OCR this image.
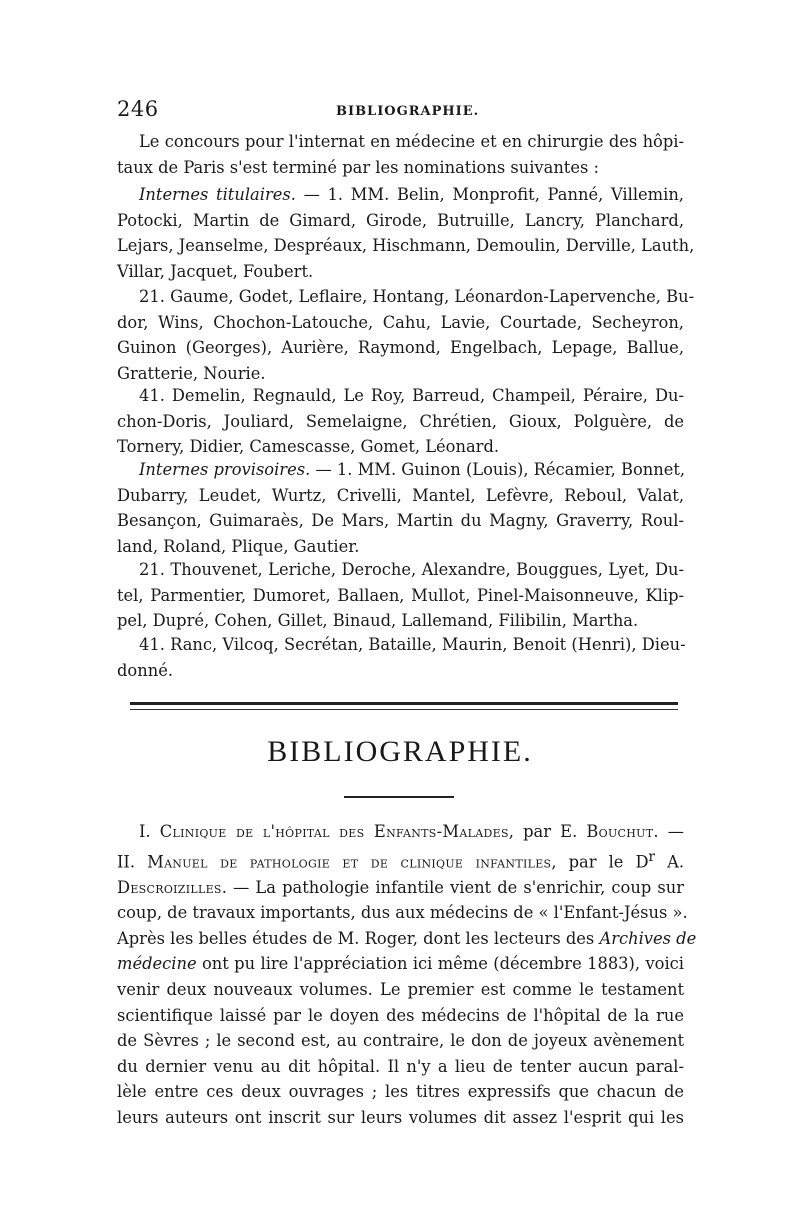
246	BIBLIOGRAPHIE.
Le concours pour l'internat en médecine et en chirurgie des hôpi-
taux de Paris s'est terminé par les nominations suivantes :
Internes titulaires. — 1. MM. Belin, Monprofit, Panné, Villemin,
Potocki, Martin de Gimard, Girode, Butruille, Lancry, Planchard,
Lejars, Jeanselme, Despréaux, Hischmann, Demoulin, Derville, Lauth,
Villar, Jacquet, Foubert.
21. Gaume, Godet, Leflaire, Hontang, Léonardon-Lapervenche, Bu-
dor, Wins, Chochon-Latouche, Cahu, Lavie, Courtade, Secheyron,
Guinon (Georges), Aurière, Raymond, Engelbach, Lepage, Ballue,
Gratterie, Nourie.
41. Demelin, Regnauld, Le Roy, Barreud, Champeil, Péraire, Du-
chon-Doris, Jouliard, Semelaigne, Chrétien, Gioux, Polguère, de
Tornery, Didier, Camescasse, Gomet, Léonard.
Internes provisoires. — 1. MM. Guinon (Louis), Récamier, Bonnet,
Dubarry, Leudet, Wurtz, Crivelli, Mantel, Lefèvre, Reboul, Valat,
Besançon, Guimaraès, De Mars, Martin du Magny, Graverry, Roul-
land, Roland, Plique, Gautier.
21. Thouvenet, Leriche, Deroche, Alexandre, Bouggues, Lyet, Du-
tel, Parmentier, Dumoret, Ballaen, Mullot, Pinel-Maisonneuve, Klip-
pel, Dupré, Cohen, Gillet, Binaud, Lallemand, Filibilin, Martha.
41. Ranc, Vilcoq, Secrétan, Bataille, Maurin, Benoit (Henri), Dieu-
donné.
BIBLIOGRAPHIE.
I. Clinique de l'hôpital des Enfants-Malades, par E. Bouchut. —
II. Manuel de pathologie et de clinique infantiles, par le $D^r$ A.
Descroizilles. — La pathologie infantile vient de s'enrichir, coup sur
coup, de travaux importants, dus aux médecins de « l'Enfant-Jésus ».
Après les belles études de M. Roger, dont les lecteurs des Archives de
médecine ont pu lire l'appréciation ici même (décembre 1883), voici
venir deux nouveaux volumes. Le premier est comme le testament
scientifique laissé par le doyen des médecins de l'hôpital de la rue
de Sèvres ; le second est, au contraire, le don de joyeux avènement
du dernier venu au dit hôpital. Il n'y a lieu de tenter aucun paral-
lèle entre ces deux ouvrages ; les titres expressifs que chacun de
leurs auteurs ont inscrit sur leurs volumes dit assez l'esprit qui les
